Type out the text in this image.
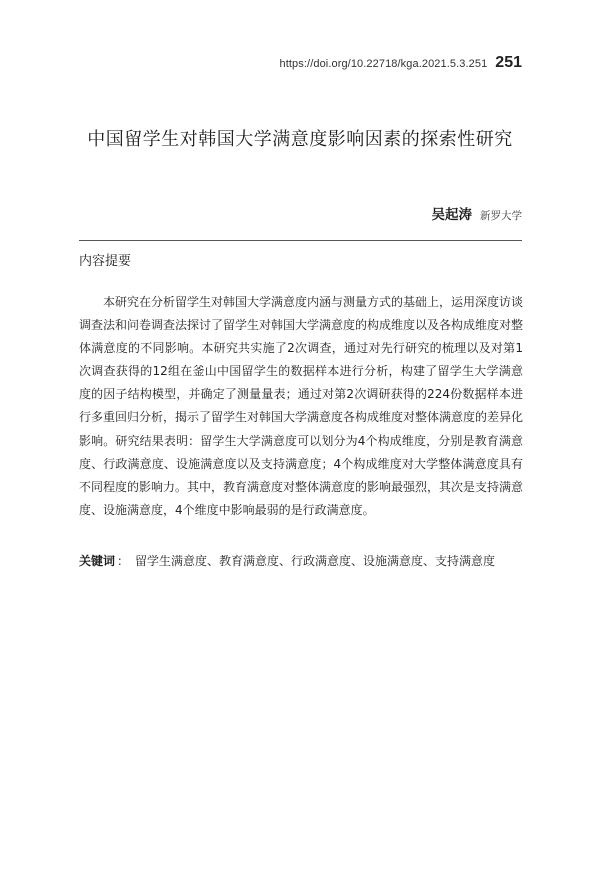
https://doi.org/10.22718/kga.2021.5.3.251 251
中国留学生对韩国大学满意度影响因素的探索性研究
吴起涛 新罗大学
内容提要

本研究在分析留学生对韩国大学满意度内涵与测量方式的基础上，运用深度访谈调查法和问卷调查法探讨了留学生对韩国大学满意度的构成维度以及各构成维度对整体满意度的不同影响。本研究共实施了2次调查，通过对先行研究的梳理以及对第1次调查获得的12组在釜山中国留学生的数据样本进行分析，构建了留学生大学满意度的因子结构模型，并确定了测量量表；通过对第2次调研获得的224份数据样本进行多重回归分析，揭示了留学生对韩国大学满意度各构成维度对整体满意度的差异化影响。研究结果表明：留学生大学满意度可以划分为4个构成维度，分别是教育满意度、行政满意度、设施满意度以及支持满意度；4个构成维度对大学整体满意度具有不同程度的影响力。其中，教育满意度对整体满意度的影响最强烈，其次是支持满意度、设施满意度，4个维度中影响最弱的是行政满意度。

关键词 ： 留学生满意度、教育满意度、行政满意度、设施满意度、支持满意度
